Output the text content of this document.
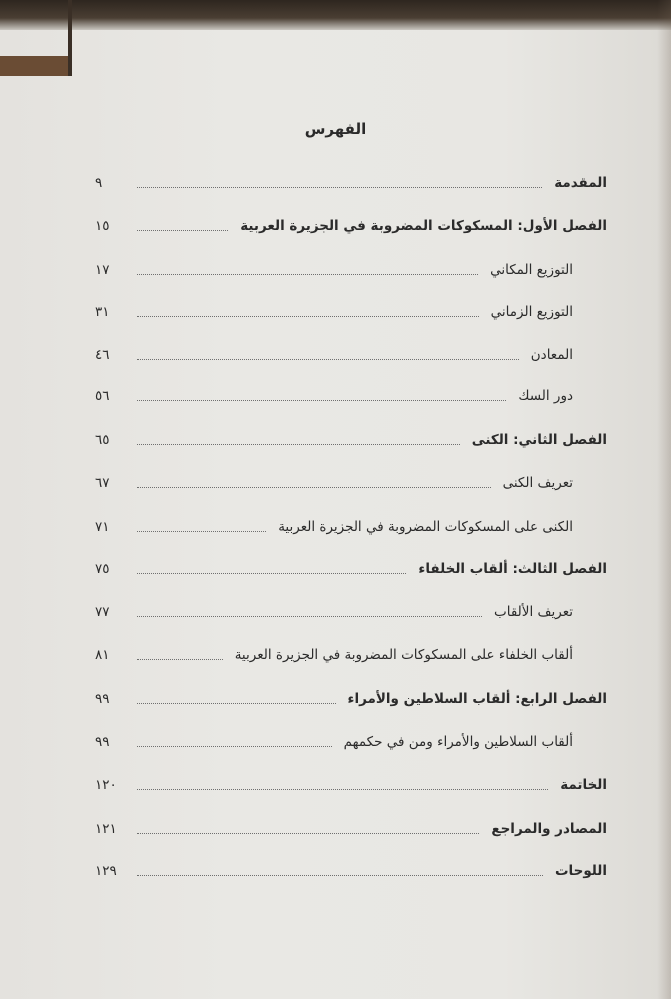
الفهرس
المقدمة
٩
الفصل الأول: المسكوكات المضروبة في الجزيرة العربية
١٥
التوزيع المكاني
١٧
التوزيع الزماني
٣١
المعادن
٤٦
دور السك
٥٦
الفصل الثاني: الكنى
٦٥
تعريف الكنى
٦٧
الكنى على المسكوكات المضروبة في الجزيرة العربية
٧١
الفصل الثالث: ألقاب الخلفاء
٧٥
تعريف الألقاب
٧٧
ألقاب الخلفاء على المسكوكات المضروبة في الجزيرة العربية
٨١
الفصل الرابع: ألقاب السلاطين والأمراء
٩٩
ألقاب السلاطين والأمراء ومن في حكمهم
٩٩
الخاتمة
١٢٠
المصادر والمراجع
١٢١
اللوحات
١٢٩
